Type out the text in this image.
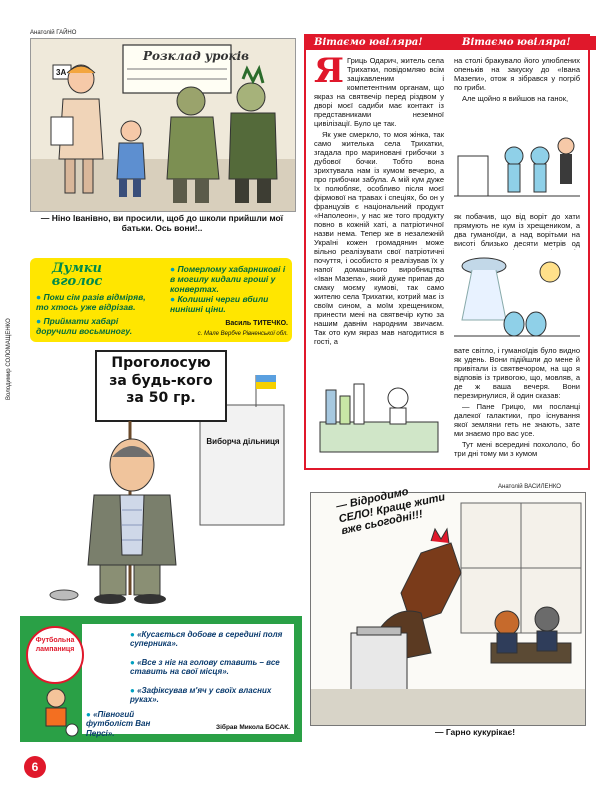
Анатолій ГАЙНО
Розклад уроків
3А
— Ніно Іванівно, ви просили, щоб до школи прийшли мої батьки. Ось вони!..
Думки
вголос
● Поки сім разів відміряв, то хтось уже відрізав.
● Приймати хабарі доручили восьминогу.
● Померлому хабарникові і в могилу кидали гроші у конвертах.
● Колишні черги вбили нинішні ціни.
Василь ТИТЕЧКО.
с. Мале Вербче Рівненської обл.
Володимир СОЛОМАЩЕНКО	Проголосую
за будь-кого
за 50 гр.
Виборча дільниця
Футбольна
лампаниця
● «Кусається добове в середині поля суперника».
● «Все з ніг на голову ставить – все ставить на свої місця».
● «Зафіксував м'яч у своїх власних руках».
● «Півногий футболіст Ван Персі».
Зібрав Микола БОСАК.
6
Вітаємо ювіляра!	Вітаємо ювіляра!
Я Гриць Одарич, житель села Трихатки, повідомляю всім зацікавленим і компетентним органам, що якраз на святвечір перед різдвом у дворі моєї садиби має контакт із представниками неземної цивілізації. Було це так.

Як уже смеркло, то моя жінка, так само жителька села Трихатки, згадала про мариновані грибочки з дубової бочки. Тобто вона зрихтувала нам із кумом вечерю, а про грибочки забула. А мій кум дуже їх полюбляє, особливо після моєї фірмової на травах і спеціях, бо он у французів є національний продукт «Наполеон», у нас же того продукту повно в кожній хаті, а патріотичної назви нема. Тепер же в незалежній Україні кожен громадянин може вільно реалізувати свої патріотичні почуття, і особисто я реалізував їх у напої домашнього виробництва «Іван Мазепа», який дуже припав до смаку моєму кумові, так само жителю села Трихатки, котрий має із своїм сином, а моїм хрещеником, принести мені на святвечір кутю за нашим давнім народним звичаєм. Так ото кум якраз мав нагодитися в гості, а

на столі бракувало його улюблених опеньків на закуску до «Івана Мазепи», отож я зібрався у погріб по гриби.

Але щойно я вийшов на ганок,

як побачив, що від воріт до хати прямують не кум із хрещеником, а два гуманоїди, а над ворітьми на висоті близько десяти метрів од

вате світло, і гуманоїдів було видно як удень. Вони підійшли до мене й привітали із святвечором, на що я відповів із тривогою, що, мовляв, а де ж ваша вечеря. Вони перезирнулися, й один сказав:

— Пане Грицю, ми посланці далекої галактики, про існування якої земляни геть не знають, зате ми знаємо про вас усе.

Тут мені всередині похололо, бо три дні тому ми з кумом

Анатолій ВАСИЛЕНКО
— Відродимо СЕЛО! Краще жити вже сьогодні!!!
— Гарно кукурікає!
